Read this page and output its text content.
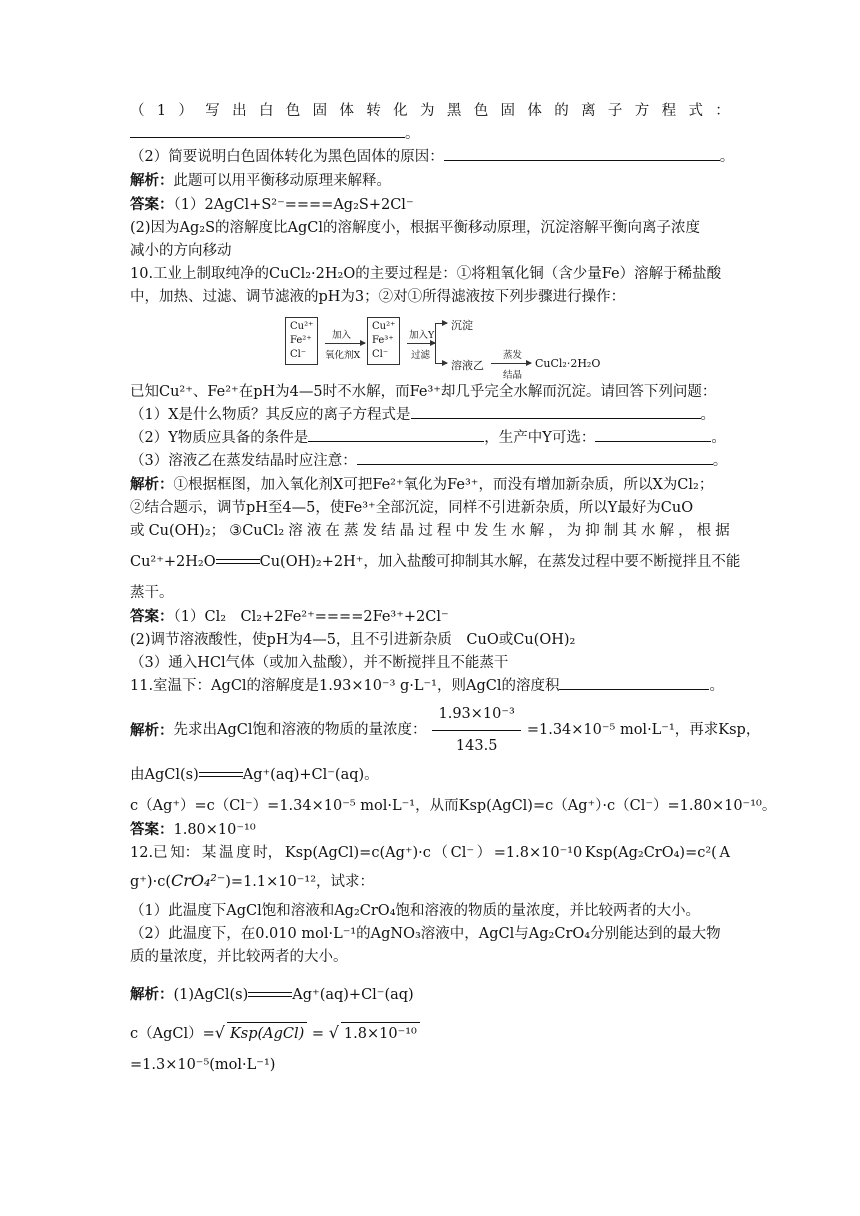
（ 1 ） 写 出 白 色 固 体 转 化 为 黑 色 固 体 的 离 子 方 程 式 ：
。
（2）简要说明白色固体转化为黑色固体的原因：	。
解析：此题可以用平衡移动原理来解释。
答案：（1）2AgCl+S²⁻====Ag₂S+2Cl⁻
(2)因为Ag₂S的溶解度比AgCl的溶解度小，根据平衡移动原理，沉淀溶解平衡向离子浓度
减小的方向移动
10.工业上制取纯净的CuCl₂·2H₂O的主要过程是：①将粗氧化铜（含少量Fe）溶解于稀盐酸
中，加热、过滤、调节滤液的pH为3；②对①所得滤液按下列步骤进行操作：
Cu²⁺
Fe²⁺
Cl⁻
加入
氧化剂X
Cu²⁺
Fe³⁺
Cl⁻
加入Y
过滤
沉淀
溶液乙
蒸发
结晶
CuCl₂·2H₂O
已知Cu²⁺、Fe²⁺在pH为4—5时不水解，而Fe³⁺却几乎完全水解而沉淀。请回答下列问题：
（1）X是什么物质？其反应的离子方程式是	。
（2）Y物质应具备的条件是	，生产中Y可选：	。
（3）溶液乙在蒸发结晶时应注意：	。
解析：①根据框图，加入氧化剂X可把Fe²⁺氧化为Fe³⁺，而没有增加新杂质，所以X为Cl₂；
②结合题示，调节pH至4—5，使Fe³⁺全部沉淀，同样不引进新杂质，所以Y最好为CuO
或 Cu(OH)₂； ③CuCl₂ 溶 液 在 蒸 发 结 晶 过 程 中 发 生 水 解 ， 为 抑 制 其 水 解 ， 根 据
Cu²⁺+2H₂O	Cu(OH)₂+2H⁺，加入盐酸可抑制其水解，在蒸发过程中要不断搅拌且不能
蒸干。
答案：（1）Cl₂　Cl₂+2Fe²⁺====2Fe³⁺+2Cl⁻
(2)调节溶液酸性，使pH为4—5，且不引进新杂质　CuO或Cu(OH)₂
（3）通入HCl气体（或加入盐酸），并不断搅拌且不能蒸干
11.室温下：AgCl的溶解度是1.93×10⁻³ g·L⁻¹，则AgCl的溶度积	。
解析： 先求出AgCl饱和溶液的物质的量浓度： $\frac{\text{1.93×10⁻³}}{143.5} =1.34\times 10^{-5}$ mol·L⁻¹，再求Ksp，
由AgCl(s)	Ag⁺(aq)+Cl⁻(aq)。
c（Ag⁺）=c（Cl⁻）=1.34×10⁻⁵ mol·L⁻¹，从而Ksp(AgCl)=c（Ag⁺）·c（Cl⁻）=1.80×10⁻¹⁰。
答案：1.80×10⁻¹⁰
12.已 知： 某 温 度 时， Ksp(AgCl)=c(Ag⁺)·c （ Cl⁻ ） =1.8×10⁻¹0 Ksp(Ag₂CrO₄)=c²( A
g⁺)·c(CrO₄²⁻)=1.1×10⁻¹²，试求：
（1）此温度下AgCl饱和溶液和Ag₂CrO₄饱和溶液的物质的量浓度，并比较两者的大小。
（2）此温度下，在0.010 mol·L⁻¹的AgNO₃溶液中，AgCl与Ag₂CrO₄分别能达到的最大物
质的量浓度，并比较两者的大小。
解析：(1)AgCl(s)	Ag⁺(aq)+Cl⁻(aq)
c（AgCl）=√ Ksp(AgCl) = √ 1.8×10⁻¹⁰
=1.3×10⁻⁵(mol·L⁻¹)
